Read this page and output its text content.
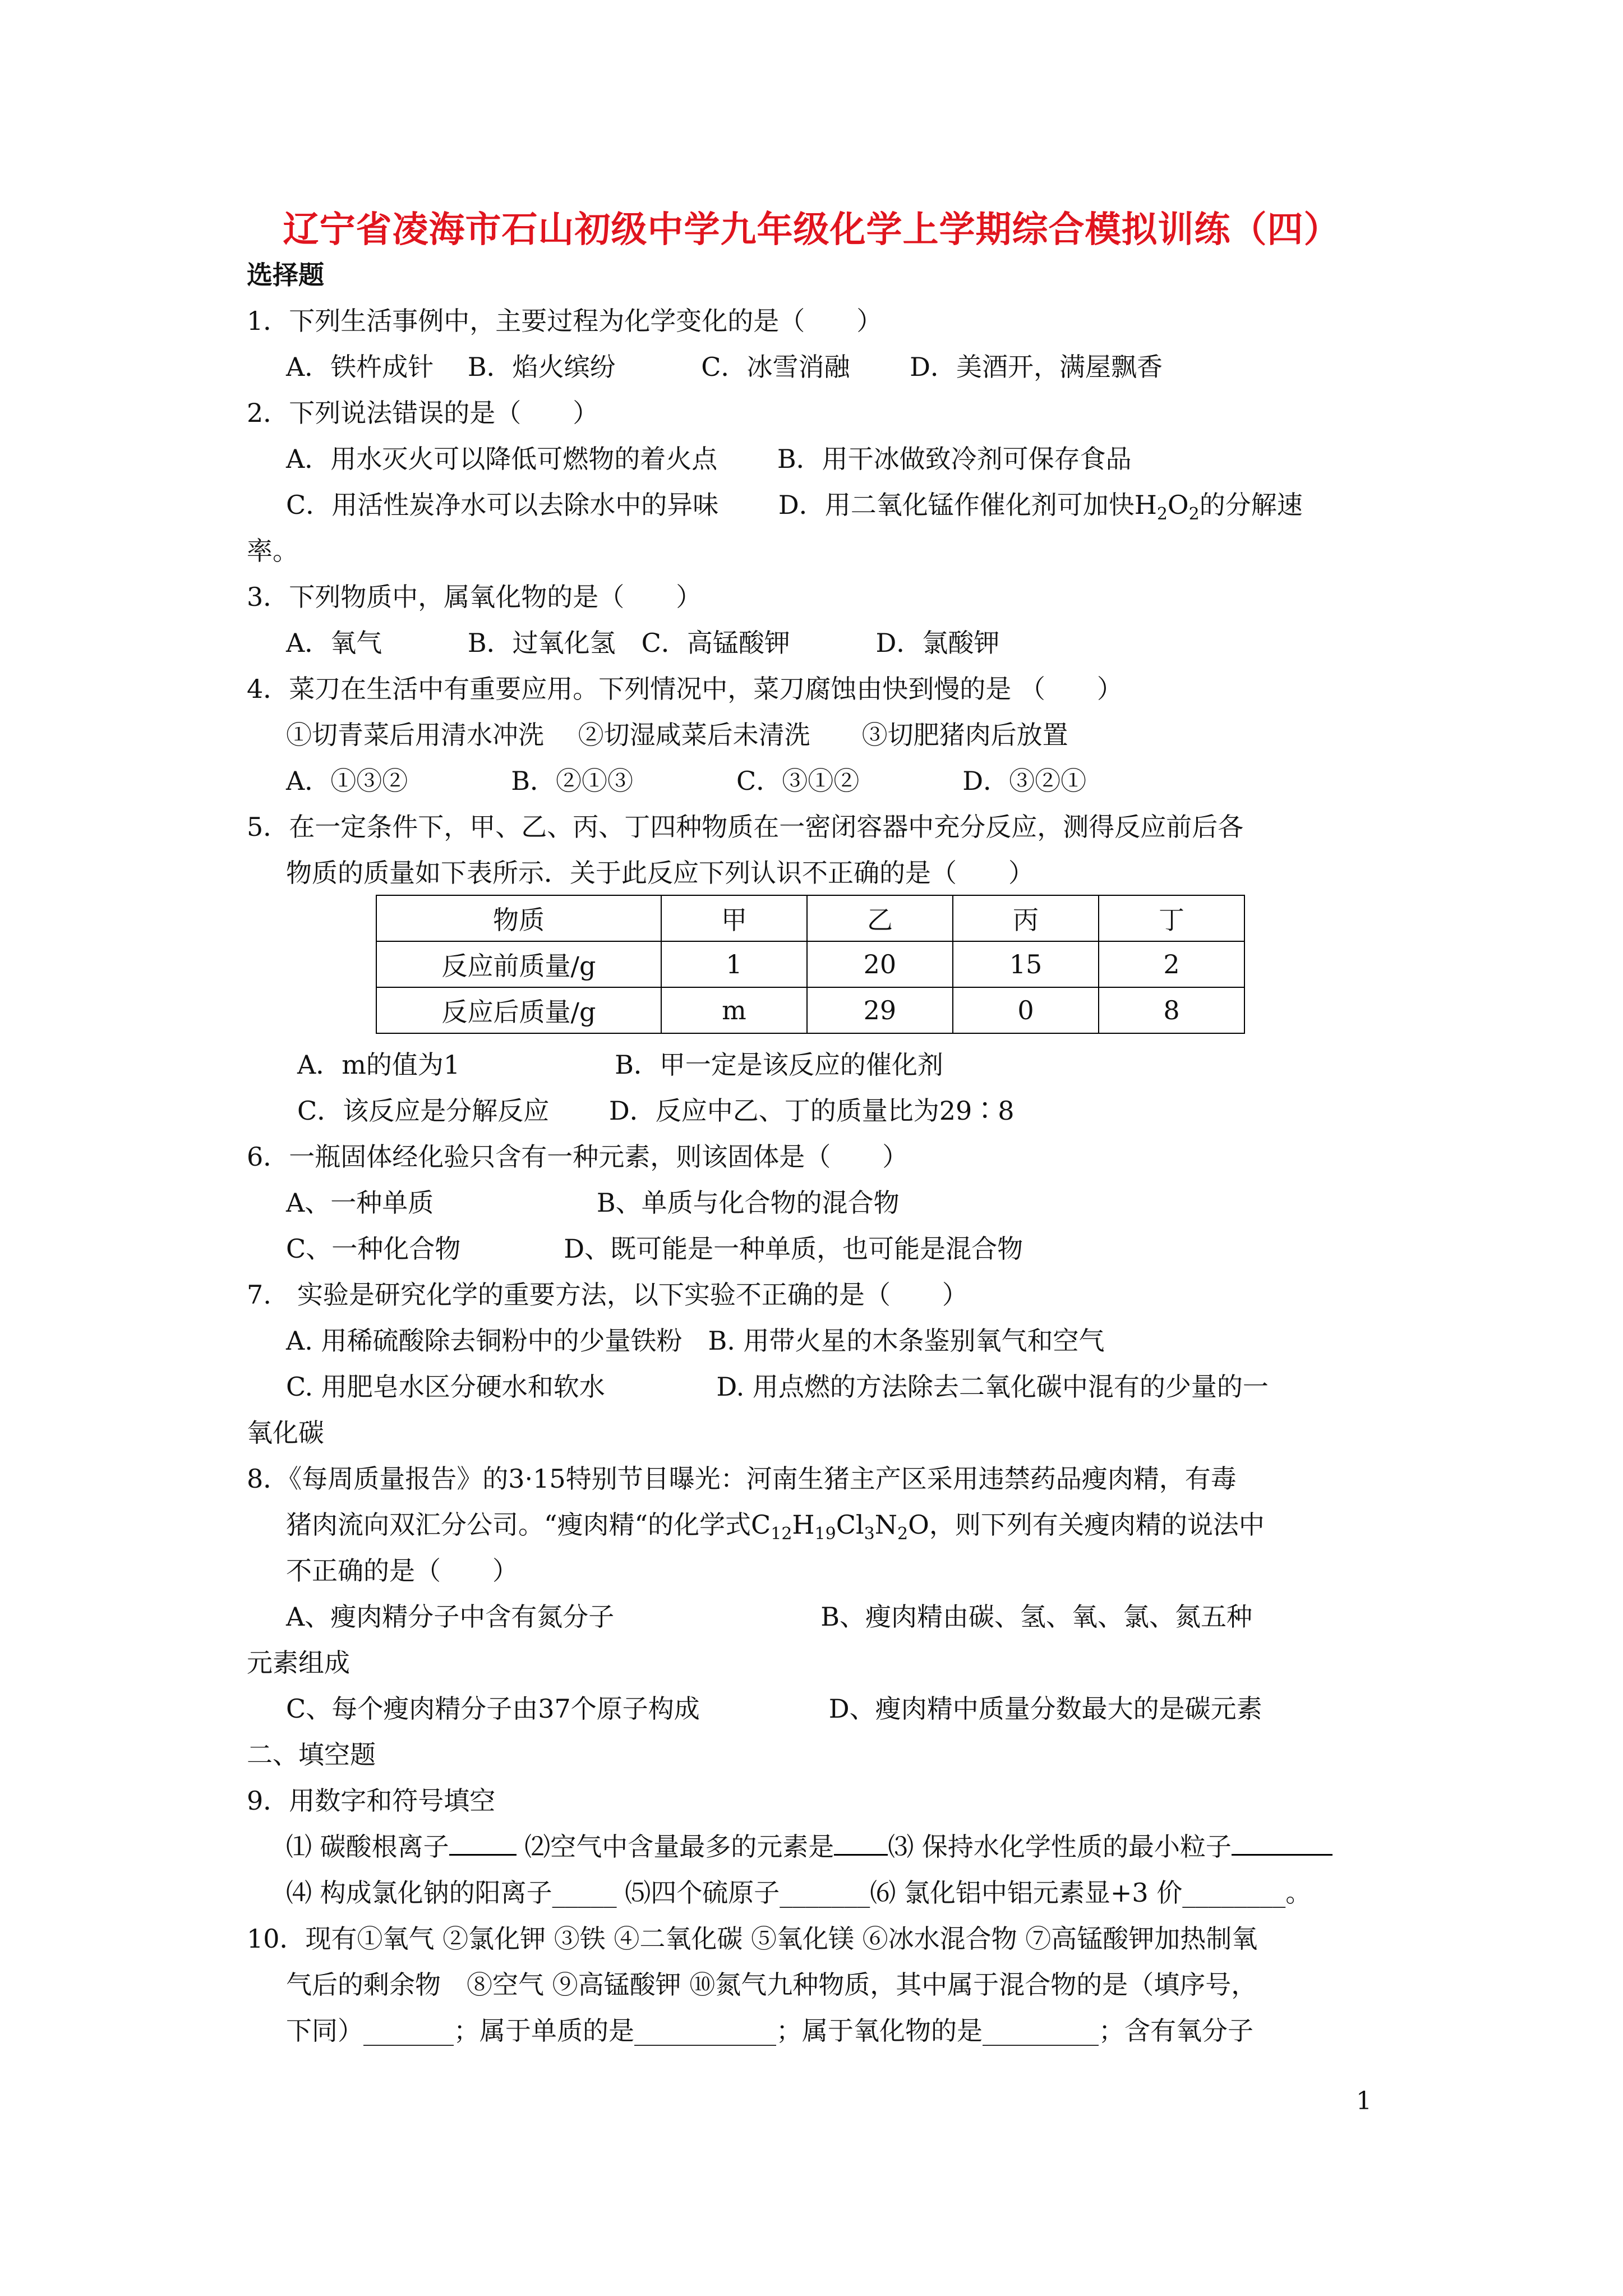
辽宁省凌海市石山初级中学九年级化学上学期综合模拟训练（四）
选择题
1．下列生活事例中，主要过程为化学变化的是（　　）
A．铁杵成针　 B．焰火缤纷　　　 C．冰雪消融　　 D．美酒开，满屋飘香
2．下列说法错误的是（　　）
A．用水灭火可以降低可燃物的着火点　　 B．用干冰做致冷剂可保存食品
C．用活性炭净水可以去除水中的异味　　 D．用二氧化锰作催化剂可加快$H_2O_2$的分解速
率。
3．下列物质中，属氧化物的是（　　）
A．氧气　　　 B．过氧化氢　C．高锰酸钾　　　 D．氯酸钾
4．菜刀在生活中有重要应用。下列情况中，菜刀腐蚀由快到慢的是 （　　）
①切青菜后用清水冲洗　 ②切湿咸菜后未清洗　　③切肥猪肉后放置
A．①③②　　　　B．②①③　　　　C．③①②　　　　D．③②①
5．在一定条件下，甲、乙、丙、丁四种物质在一密闭容器中充分反应，测得反应前后各
物质的质量如下表所示．关于此反应下列认识不正确的是（　　）
物质	甲	乙	丙	丁
反应前质量/g	1	20	15	2
反应后质量/g	m	29	0	8
A．m的值为1　　　　　　B．甲一定是该反应的催化剂
C．该反应是分解反应　　 D．反应中乙、丁的质量比为29∶8
6．一瓶固体经化验只含有一种元素，则该固体是（　　）
A、一种单质　　　　　　 B、单质与化合物的混合物
C、一种化合物　　　　D、既可能是一种单质，也可能是混合物
7.　实验是研究化学的重要方法，以下实验不正确的是（　　）
A. 用稀硫酸除去铜粉中的少量铁粉　B. 用带火星的木条鉴别氧气和空气
C. 用肥皂水区分硬水和软水　　　　 D. 用点燃的方法除去二氧化碳中混有的少量的一
氧化碳
8．《每周质量报告》的3·15特别节目曝光：河南生猪主产区采用违禁药品瘦肉精，有毒
猪肉流向双汇分公司。“瘦肉精“的化学式$C_{12}H_{19}Cl_3N_2O$，则下列有关瘦肉精的说法中
不正确的是（　　）
A、瘦肉精分子中含有氮分子　　　　　　　　B、瘦肉精由碳、氢、氧、氯、氮五种
元素组成
C、每个瘦肉精分子由37个原子构成　　　　　D、瘦肉精中质量分数最大的是碳元素
二、填空题
9．用数字和符号填空
⑴ 碳酸根离子	⑵空气中含量最多的元素是 ⑶ 保持水化学性质的最小粒子
⑷ 构成氯化钠的阳离子_____ ⑸四个硫原子_______⑹ 氯化铝中铝元素显+3 价________。
10．现有①氧气 ②氯化钾 ③铁 ④二氧化碳 ⑤氧化镁 ⑥冰水混合物 ⑦高锰酸钾加热制氧
气后的剩余物　⑧空气 ⑨高锰酸钾 ⑩氮气九种物质，其中属于混合物的是（填序号，
下同）_______；属于单质的是___________；属于氧化物的是_________；含有氧分子
1
